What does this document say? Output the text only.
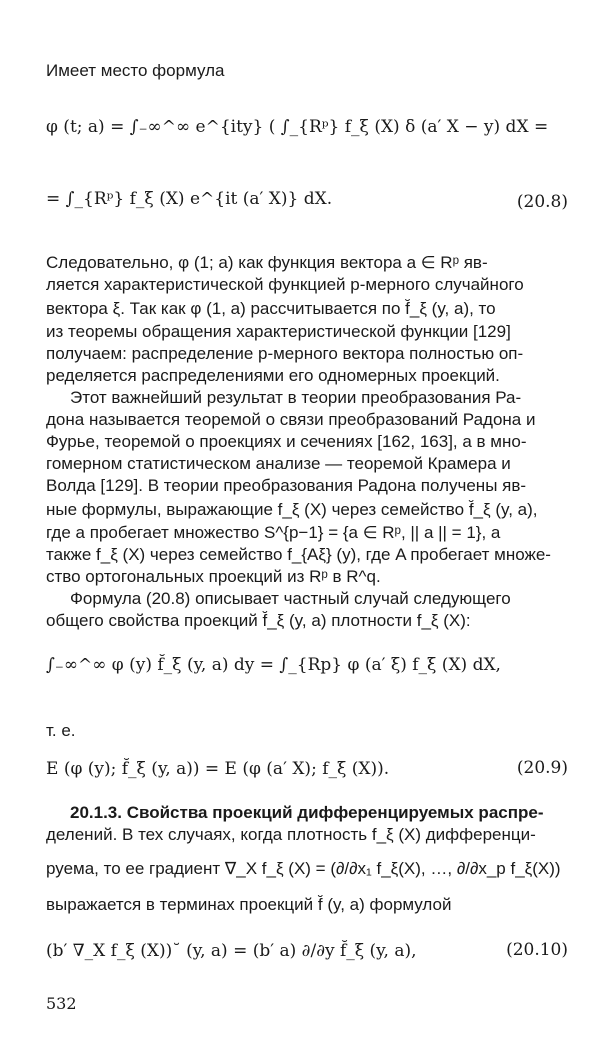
Имеет место формула
φ (t; a) = ∫₋∞^∞ e^{ity} ( ∫_{Rᵖ} f_ξ (X) δ (a′ X − y) dX =
= ∫_{Rᵖ} f_ξ (X) e^{it (a′ X)} dX.	(20.8)
Следовательно, φ (1; а) как функция вектора a ∈ Rᵖ яв-
ляется характеристической функцией p-мерного случайного
вектора ξ. Так как φ (1, а) рассчитывается по f̆_ξ (y, a), то
из теоремы обращения характеристической функции [129]
получаем: распределение p-мерного вектора полностью оп-
ределяется распределениями его одномерных проекций.
Этот важнейший результат в теории преобразования Ра-
дона называется теоремой о связи преобразований Радона и
Фурье, теоремой о проекциях и сечениях [162, 163], а в мно-
гомерном статистическом анализе — теоремой Крамера и
Волда [129]. В теории преобразования Радона получены яв-
ные формулы, выражающие f_ξ (X) через семейство f̆_ξ (y, a),
где а пробегает множество S^{p−1} = {a ∈ Rᵖ, || a || = 1}, а
также f_ξ (X) через семейство f_{Aξ} (y), где A пробегает множе-
ство ортогональных проекций из Rᵖ в R^q.
Формула (20.8) описывает частный случай следующего
общего свойства проекций f̆_ξ (y, a) плотности f_ξ (X):
∫₋∞^∞ φ (y) f̆_ξ (y, a) dy = ∫_{Rp} φ (a′ ξ) f_ξ (X) dX,
т. е.
E (φ (y); f̆_ξ (y, a)) = E (φ (a′ X); f_ξ (X)).	(20.9)
20.1.3. Свойства проекций дифференцируемых распре-
делений. В тех случаях, когда плотность f_ξ (X) дифференци-
руема, то ее градиент ∇_X f_ξ (X) = (∂/∂x₁ f_ξ(X), …, ∂/∂x_p f_ξ(X))
выражается в терминах проекций f̆ (y, a) формулой
(b′ ∇_X f_ξ (X))˘ (y, a) = (b′ a) ∂/∂y f̆_ξ (y, a),	(20.10)
532
